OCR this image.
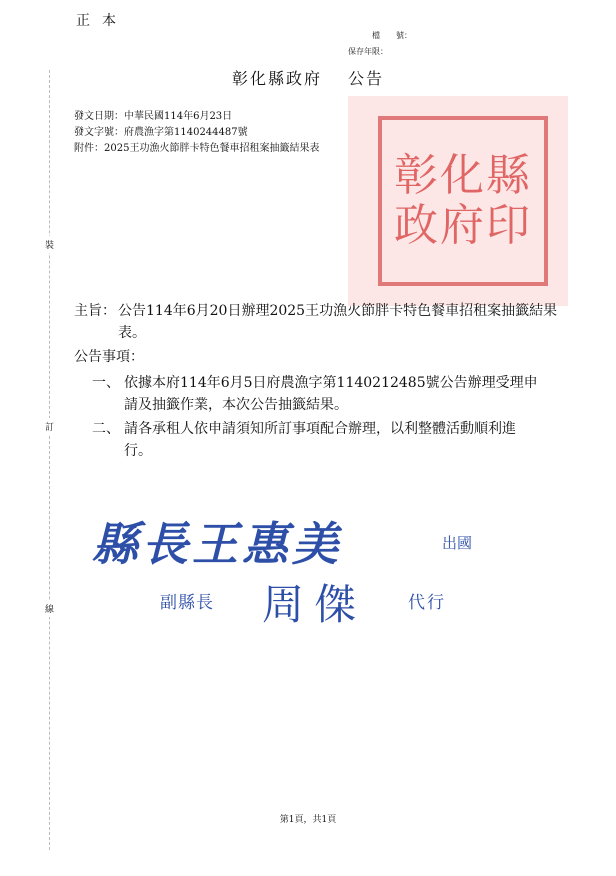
正本
檔　　號：
保存年限：
裝
訂
線
彰化縣政府 公告
發文日期：中華民國114年6月23日
發文字號：府農漁字第1140244487號
附件：2025王功漁火節胖卡特色餐車招租案抽籤結果表
彰化縣政府印
主旨： 公告114年6月20日辦理2025王功漁火節胖卡特色餐車招租案抽籤結果表。
公告事項：
一、 依據本府114年6月5日府農漁字第1140212485號公告辦理受理申請及抽籤作業，本次公告抽籤結果。
二、 請各承租人依申請須知所訂事項配合辦理，以利整體活動順利進行。
縣長王惠美	出國
副縣長 周傑 代行
第1頁，共1頁
